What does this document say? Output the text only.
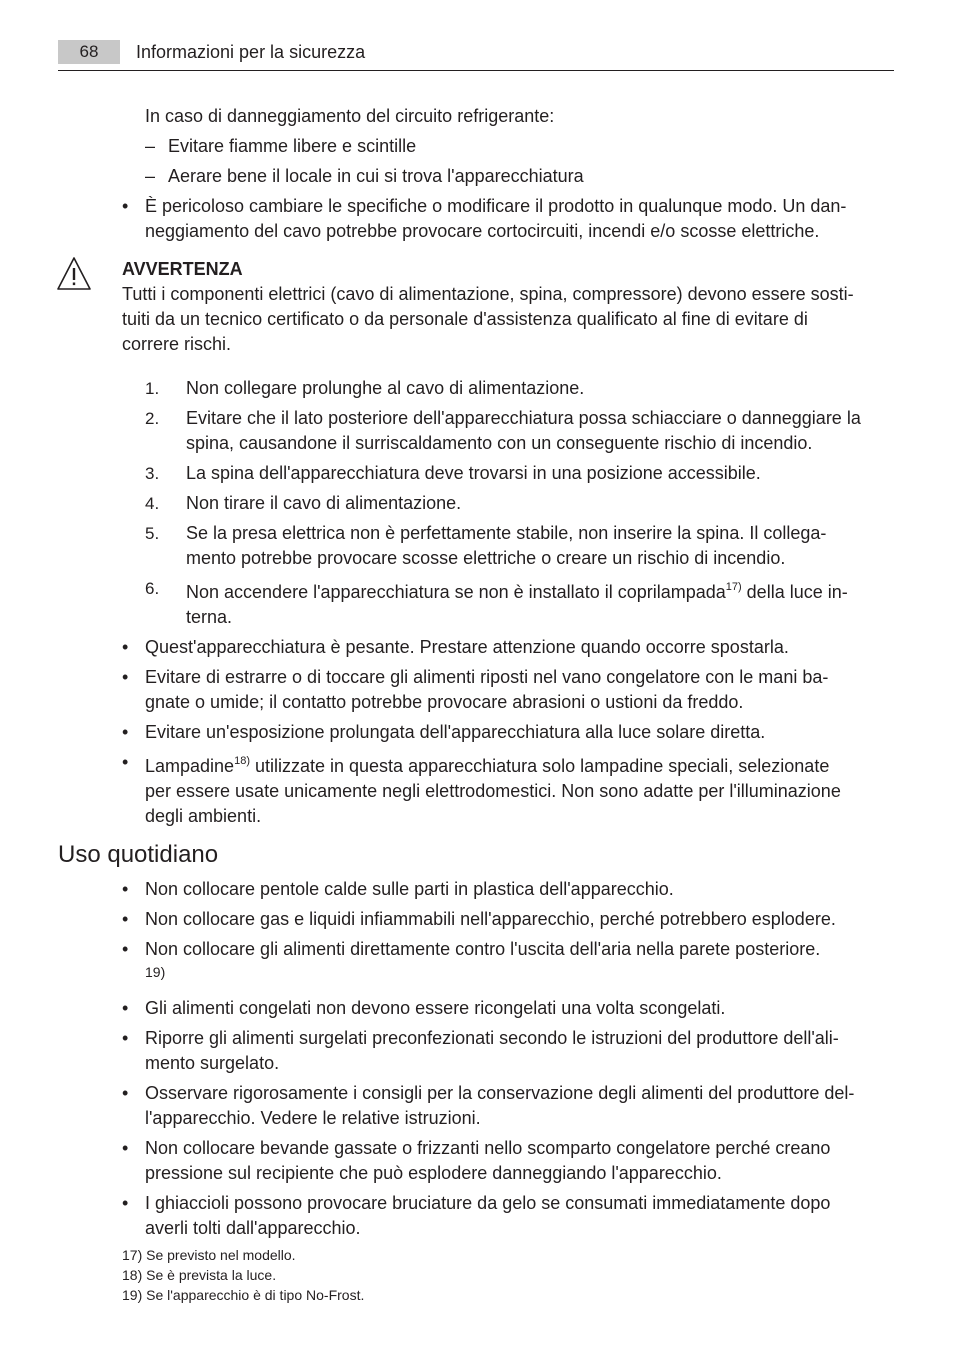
68	Informazioni per la sicurezza
In caso di danneggiamento del circuito refrigerante:
– Evitare fiamme libere e scintille
– Aerare bene il locale in cui si trova l'apparecchiatura
• È pericoloso cambiare le specifiche o modificare il prodotto in qualunque modo. Un dan-
neggiamento del cavo potrebbe provocare cortocircuiti, incendi e/o scosse elettriche.
AVVERTENZA
Tutti i componenti elettrici (cavo di alimentazione, spina, compressore) devono essere sosti-
tuiti da un tecnico certificato o da personale d'assistenza qualificato al fine di evitare di
correre rischi.
1. Non collegare prolunghe al cavo di alimentazione.
2. Evitare che il lato posteriore dell'apparecchiatura possa schiacciare o danneggiare la
spina, causandone il surriscaldamento con un conseguente rischio di incendio.
3. La spina dell'apparecchiatura deve trovarsi in una posizione accessibile.
4. Non tirare il cavo di alimentazione.
5. Se la presa elettrica non è perfettamente stabile, non inserire la spina. Il collega-
mento potrebbe provocare scosse elettriche o creare un rischio di incendio.
6. Non accendere l'apparecchiatura se non è installato il coprilampada$^{17)}$ della luce in-
terna.
• Quest'apparecchiatura è pesante. Prestare attenzione quando occorre spostarla.
• Evitare di estrarre o di toccare gli alimenti riposti nel vano congelatore con le mani ba-
gnate o umide; il contatto potrebbe provocare abrasioni o ustioni da freddo.
• Evitare un'esposizione prolungata dell'apparecchiatura alla luce solare diretta.
• Lampadine$^{18)}$ utilizzate in questa apparecchiatura solo lampadine speciali, selezionate
per essere usate unicamente negli elettrodomestici. Non sono adatte per l'illuminazione
degli ambienti.
Uso quotidiano
• Non collocare pentole calde sulle parti in plastica dell'apparecchio.
• Non collocare gas e liquidi infiammabili nell'apparecchio, perché potrebbero esplodere.
• Non collocare gli alimenti direttamente contro l'uscita dell'aria nella parete posteriore.
19)
• Gli alimenti congelati non devono essere ricongelati una volta scongelati.
• Riporre gli alimenti surgelati preconfezionati secondo le istruzioni del produttore dell'ali-
mento surgelato.
• Osservare rigorosamente i consigli per la conservazione degli alimenti del produttore del-
l'apparecchio. Vedere le relative istruzioni.
• Non collocare bevande gassate o frizzanti nello scomparto congelatore perché creano
pressione sul recipiente che può esplodere danneggiando l'apparecchio.
• I ghiaccioli possono provocare bruciature da gelo se consumati immediatamente dopo
averli tolti dall'apparecchio.
17) Se previsto nel modello.
18) Se è prevista la luce.
19) Se l'apparecchio è di tipo No-Frost.
